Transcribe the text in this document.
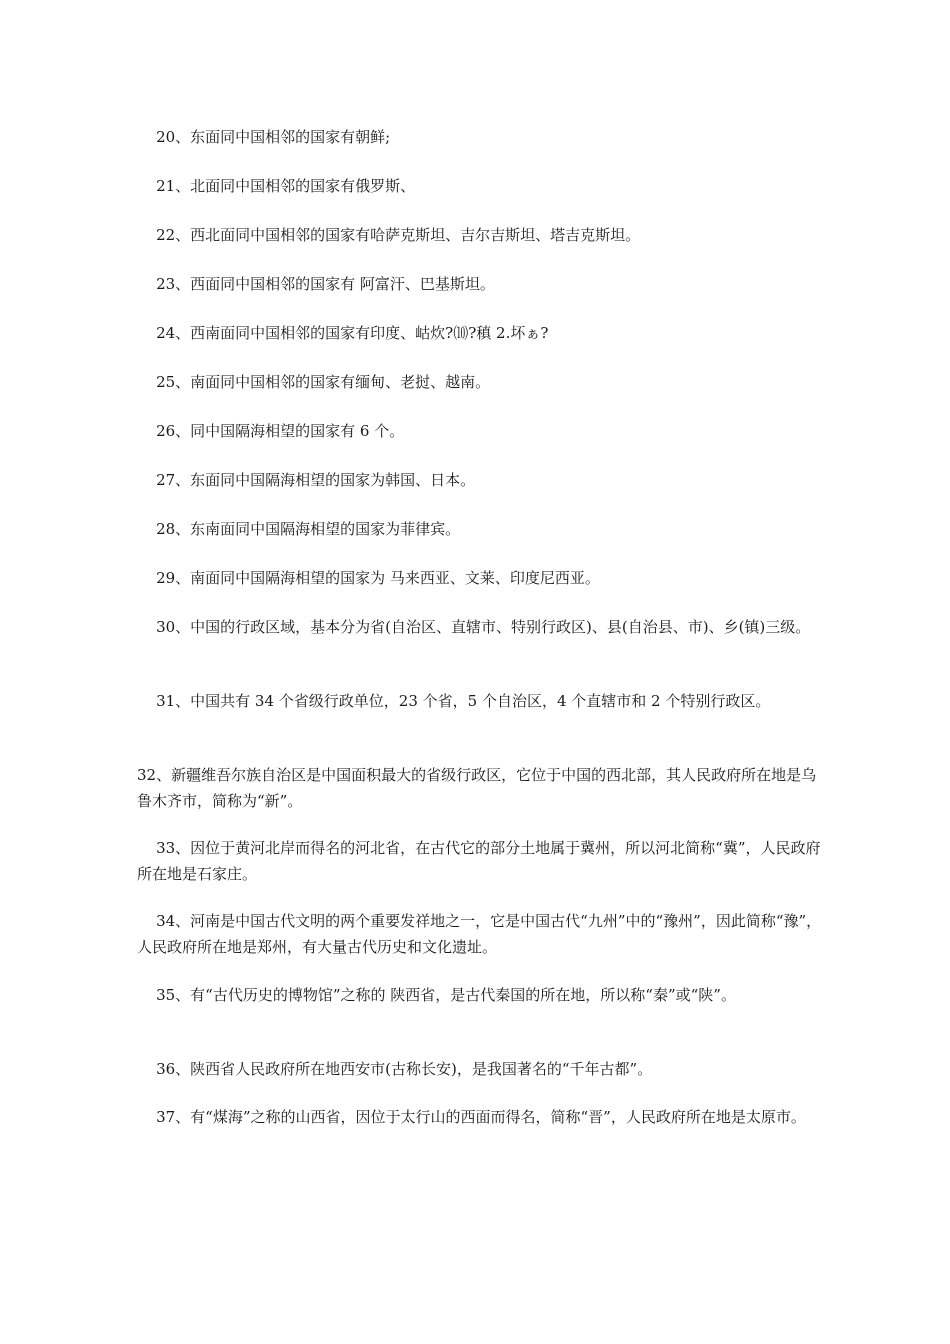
20、东面同中国相邻的国家有朝鲜;

21、北面同中国相邻的国家有俄罗斯、

22、西北面同中国相邻的国家有哈萨克斯坦、吉尔吉斯坦、塔吉克斯坦。

23、西面同中国相邻的国家有 阿富汗、巴基斯坦。

24、西南面同中国相邻的国家有印度、岵炊?⑽?稹 2.坏ぁ?

25、南面同中国相邻的国家有缅甸、老挝、越南。

26、同中国隔海相望的国家有 6 个。

27、东面同中国隔海相望的国家为韩国、日本。

28、东南面同中国隔海相望的国家为菲律宾。

29、南面同中国隔海相望的国家为 马来西亚、文莱、印度尼西亚。

30、中国的行政区域，基本分为省(自治区、直辖市、特别行政区)、县(自治县、市)、乡(镇)三级。

31、中国共有 34 个省级行政单位，23 个省，5 个自治区，4 个直辖市和 2 个特别行政区。

32、新疆维吾尔族自治区是中国面积最大的省级行政区，它位于中国的西北部，其人民政府所在地是乌鲁木齐市，简称为“新”。

33、因位于黄河北岸而得名的河北省，在古代它的部分土地属于冀州，所以河北简称“冀”，人民政府所在地是石家庄。

34、河南是中国古代文明的两个重要发祥地之一，它是中国古代“九州”中的“豫州”，因此简称“豫”，人民政府所在地是郑州，有大量古代历史和文化遗址。

35、有“古代历史的博物馆”之称的 陕西省，是古代秦国的所在地，所以称“秦”或“陕”。

36、陕西省人民政府所在地西安市(古称长安)，是我国著名的“千年古都”。

37、有“煤海”之称的山西省，因位于太行山的西面而得名，简称“晋”，人民政府所在地是太原市。
